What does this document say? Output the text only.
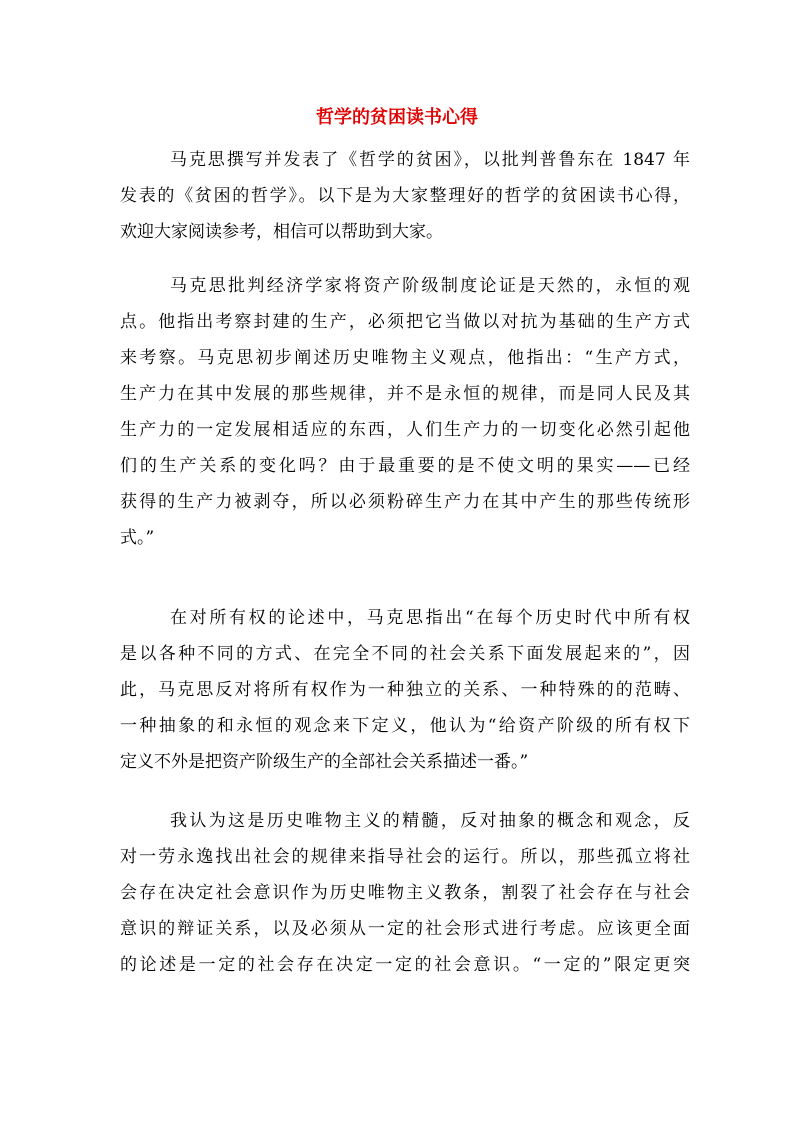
哲学的贫困读书心得
马克思撰写并发表了《哲学的贫困》，以批判普鲁东在 1847 年
发表的《贫困的哲学》。以下是为大家整理好的哲学的贫困读书心得，
欢迎大家阅读参考，相信可以帮助到大家。
马克思批判经济学家将资产阶级制度论证是天然的，永恒的观
点。他指出考察封建的生产，必须把它当做以对抗为基础的生产方式
来考察。马克思初步阐述历史唯物主义观点，他指出：“生产方式，
生产力在其中发展的那些规律，并不是永恒的规律，而是同人民及其
生产力的一定发展相适应的东西，人们生产力的一切变化必然引起他
们的生产关系的变化吗？由于最重要的是不使文明的果实——已经
获得的生产力被剥夺，所以必须粉碎生产力在其中产生的那些传统形
式。”
在对所有权的论述中，马克思指出“在每个历史时代中所有权
是以各种不同的方式、在完全不同的社会关系下面发展起来的”，因
此，马克思反对将所有权作为一种独立的关系、一种特殊的的范畴、
一种抽象的和永恒的观念来下定义，他认为“给资产阶级的所有权下
定义不外是把资产阶级生产的全部社会关系描述一番。”
我认为这是历史唯物主义的精髓，反对抽象的概念和观念，反
对一劳永逸找出社会的规律来指导社会的运行。所以，那些孤立将社
会存在决定社会意识作为历史唯物主义教条，割裂了社会存在与社会
意识的辩证关系，以及必须从一定的社会形式进行考虑。应该更全面
的论述是一定的社会存在决定一定的社会意识。“一定的”限定更突
